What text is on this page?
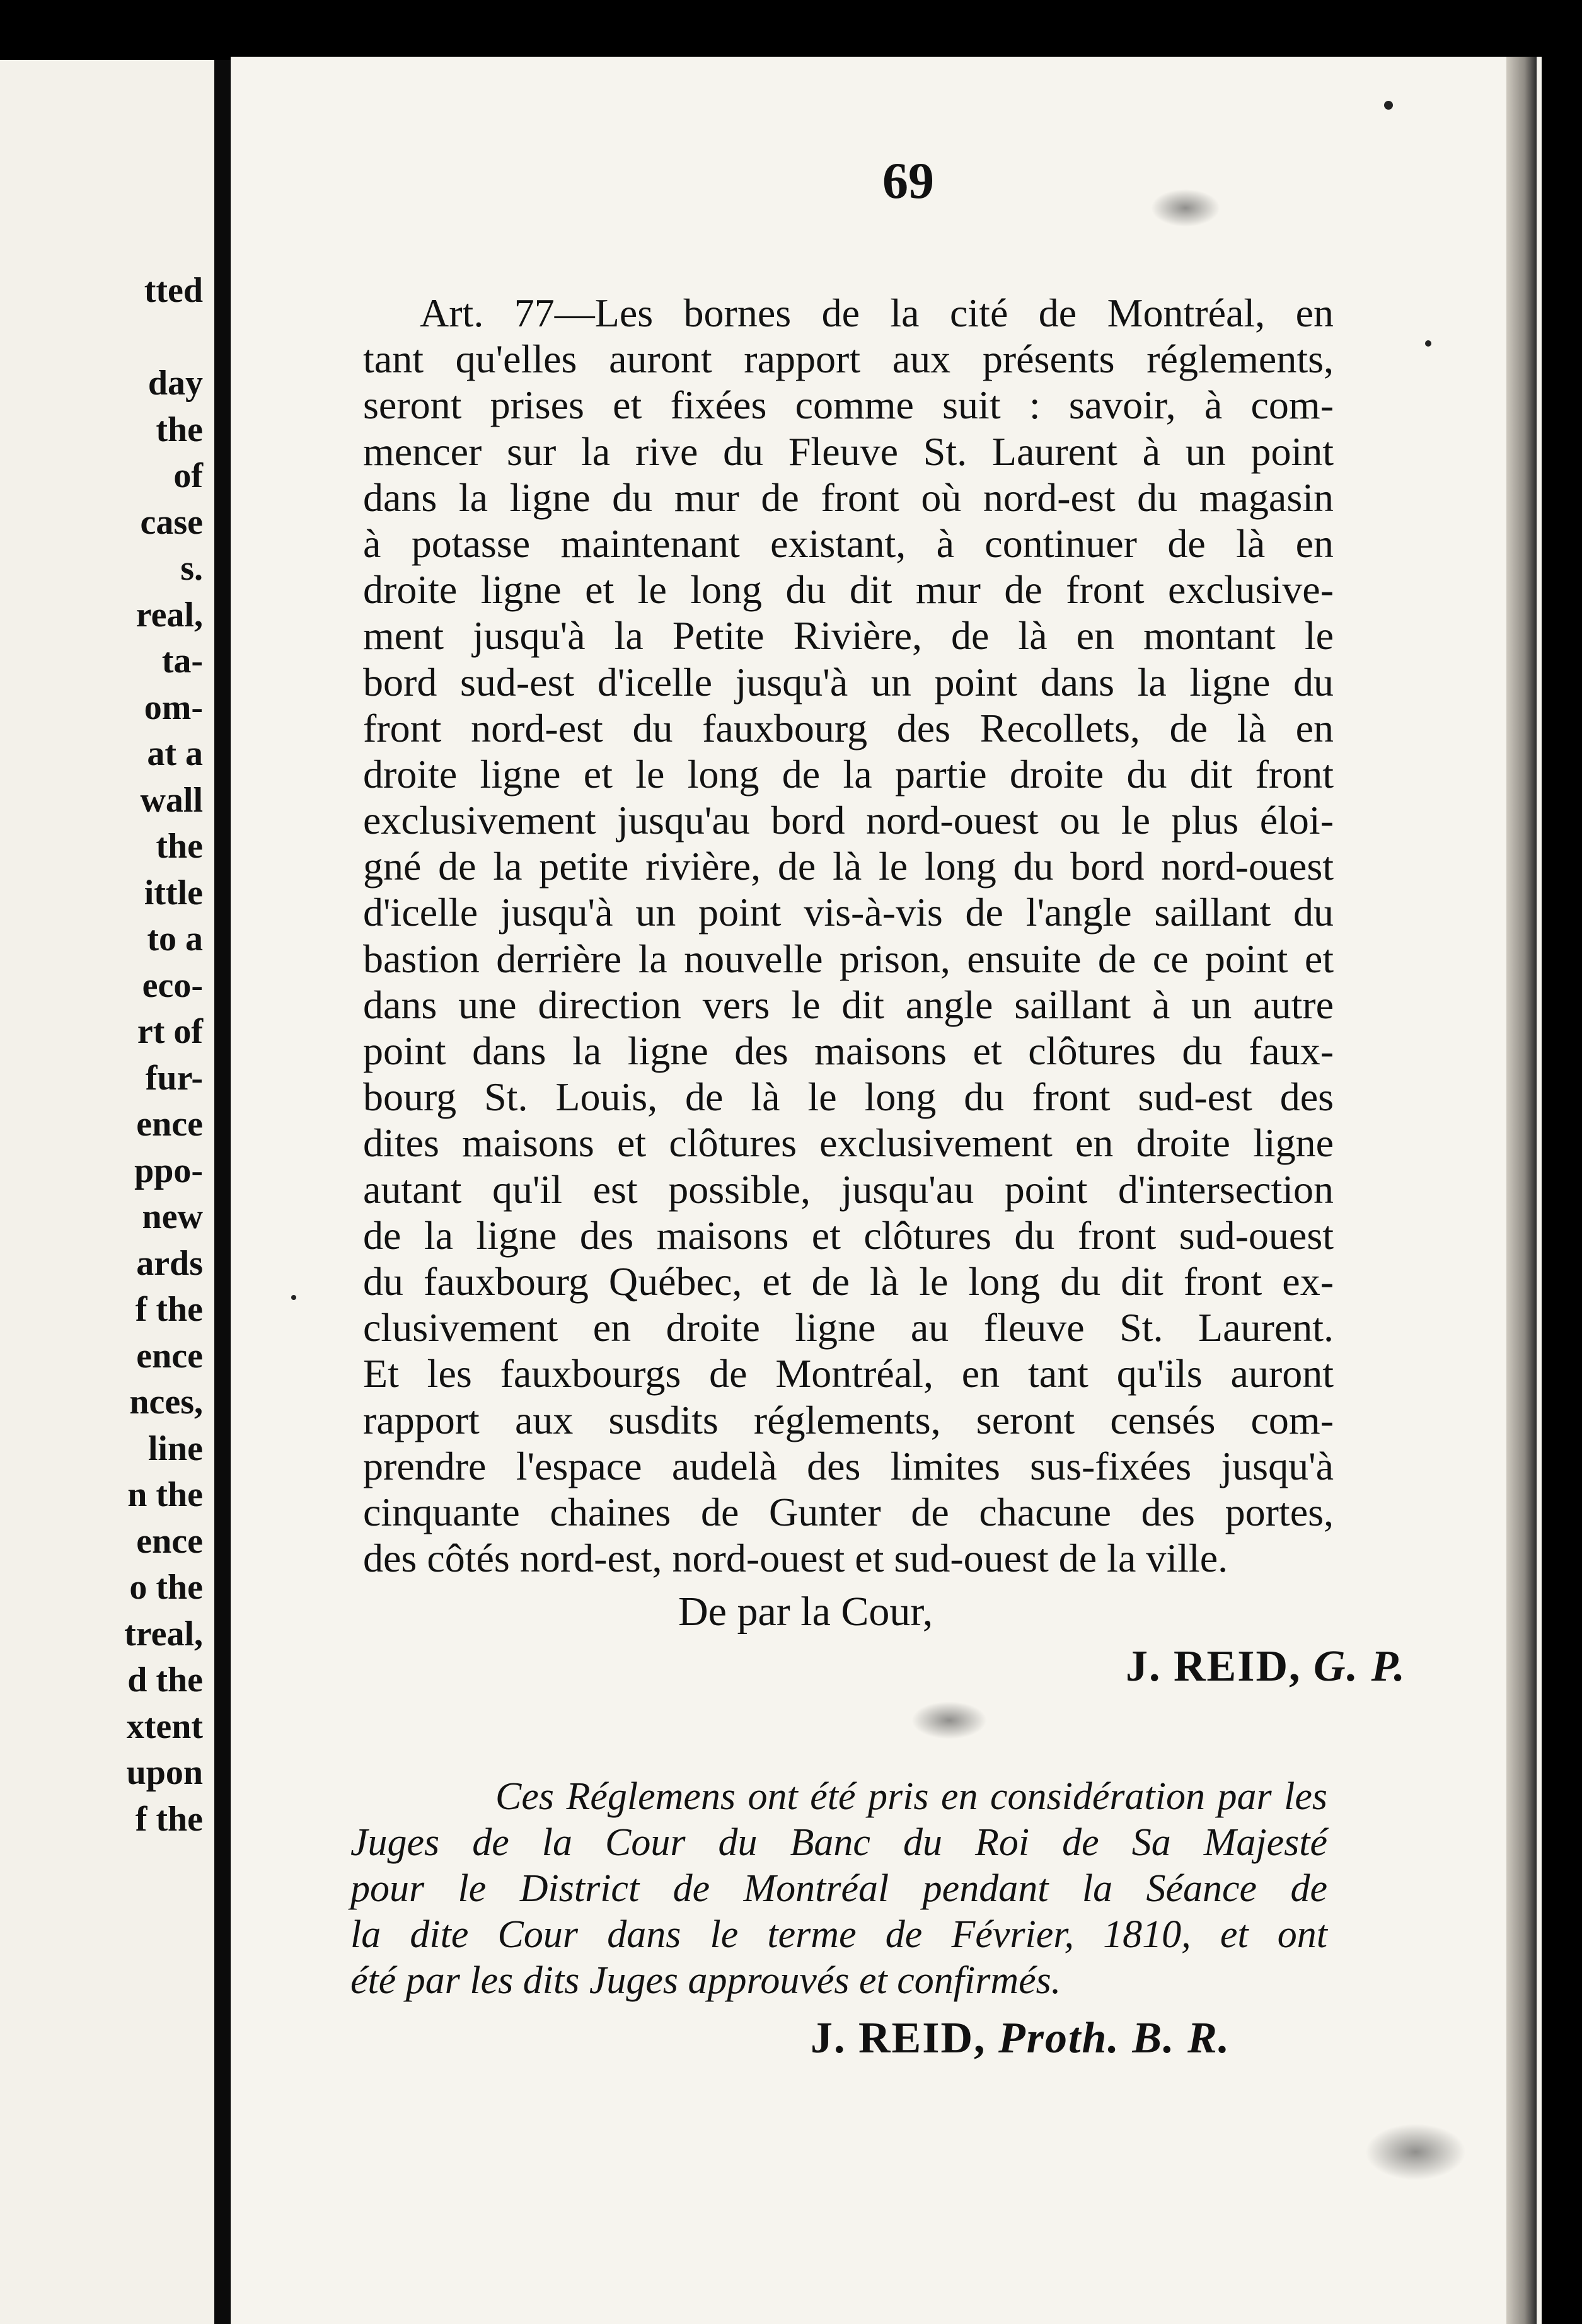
tted
day
the
of
case
s.
real,
ta-
om-
at a
wall
the
ittle
to a
eco-
rt of
fur-
ence
ppo-
new
ards
f the
ence
nces,
line
n the
ence
o the
treal,
d the
xtent
upon
f the
69
Art. 77—Les bornes de la cité de Montréal, en
tant qu'elles auront rapport aux présents réglements,
seront prises et fixées comme suit : savoir, à com-
mencer sur la rive du Fleuve St. Laurent à un point
dans la ligne du mur de front où nord-est du magasin
à potasse maintenant existant, à continuer de là en
droite ligne et le long du dit mur de front exclusive-
ment jusqu'à la Petite Rivière, de là en montant le
bord sud-est d'icelle jusqu'à un point dans la ligne du
front nord-est du fauxbourg des Recollets, de là en
droite ligne et le long de la partie droite du dit front
exclusivement jusqu'au bord nord-ouest ou le plus éloi-
gné de la petite rivière, de là le long du bord nord-ouest
d'icelle jusqu'à un point vis-à-vis de l'angle saillant du
bastion derrière la nouvelle prison, ensuite de ce point et
dans une direction vers le dit angle saillant à un autre
point dans la ligne des maisons et clôtures du faux-
bourg St. Louis, de là le long du front sud-est des
dites maisons et clôtures exclusivement en droite ligne
autant qu'il est possible, jusqu'au point d'intersection
de la ligne des maisons et clôtures du front sud-ouest
du fauxbourg Québec, et de là le long du dit front ex-
clusivement en droite ligne au fleuve St. Laurent.
Et les fauxbourgs de Montréal, en tant qu'ils auront
rapport aux susdits réglements, seront censés com-
prendre l'espace audelà des limites sus-fixées jusqu'à
cinquante chaines de Gunter de chacune des portes,
des côtés nord-est, nord-ouest et sud-ouest de la ville.
De par la Cour,
J. REID, G. P.
Ces Réglemens ont été pris en considération par les
Juges de la Cour du Banc du Roi de Sa Majesté
pour le District de Montréal pendant la Séance de
la dite Cour dans le terme de Février, 1810, et ont
été par les dits Juges approuvés et confirmés.
J. REID, Proth. B. R.
